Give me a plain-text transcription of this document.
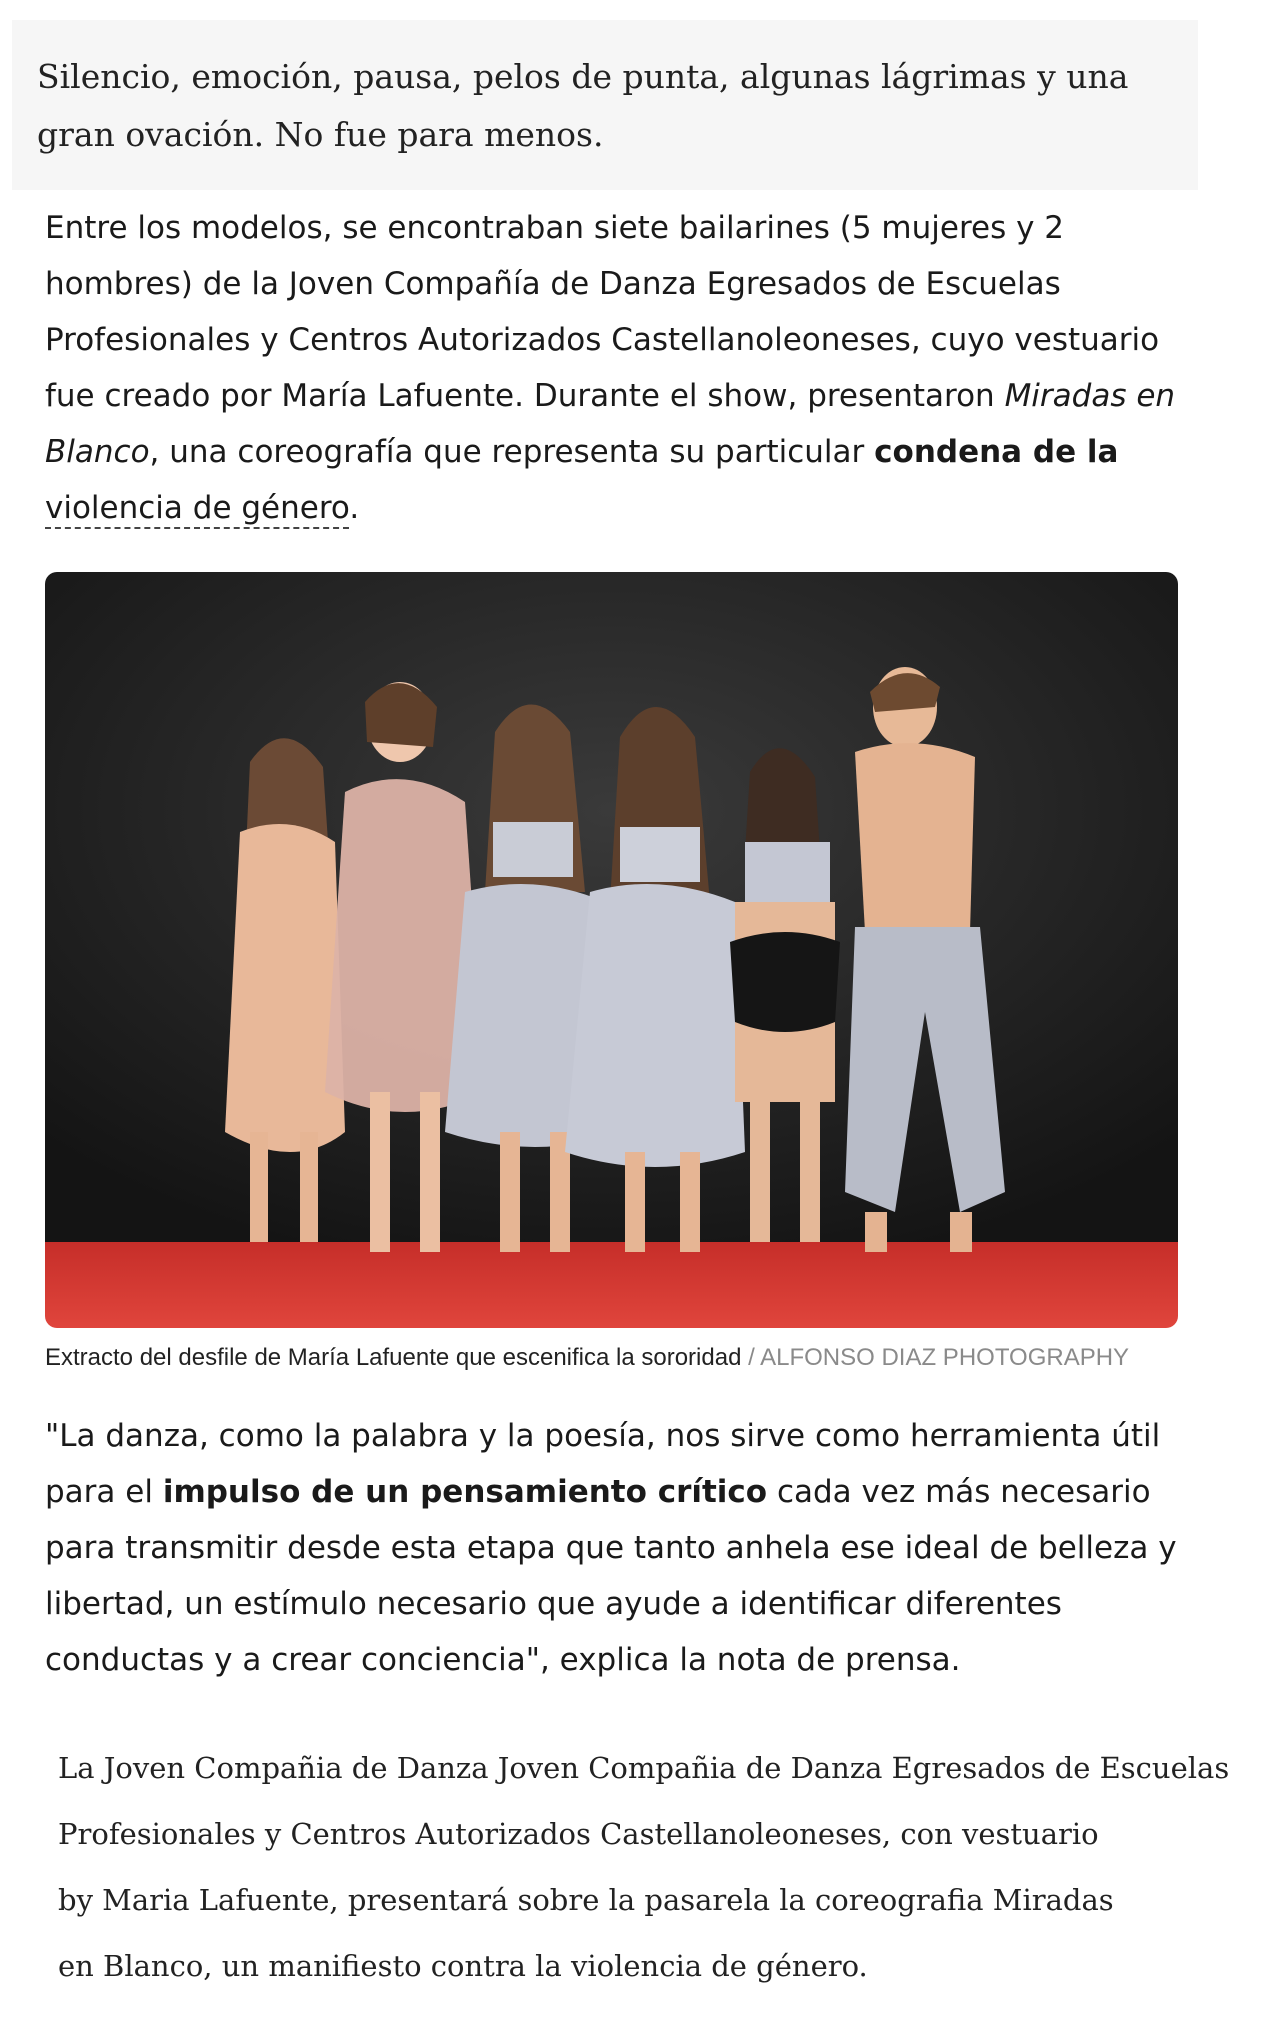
Silencio, emoción, pausa, pelos de punta, algunas lágrimas y una gran ovación. No fue para menos.

Entre los modelos, se encontraban siete bailarines (5 mujeres y 2 hombres) de la Joven Compañía de Danza Egresados de Escuelas Profesionales y Centros Autorizados Castellanoleoneses, cuyo vestuario fue creado por María Lafuente. Durante el show, presentaron Miradas en Blanco, una coreografía que representa su particular condena de la violencia de género.

Extracto del desfile de María Lafuente que escenifica la sororidad / ALFONSO DIAZ PHOTOGRAPHY

"La danza, como la palabra y la poesía, nos sirve como herramienta útil para el impulso de un pensamiento crítico cada vez más necesario para transmitir desde esta etapa que tanto anhela ese ideal de belleza y libertad, un estímulo necesario que ayude a identificar diferentes conductas y a crear conciencia", explica la nota de prensa.

La Joven Compañia de Danza Joven Compañia de Danza Egresados de Escuelas
Profesionales y Centros Autorizados Castellanoleoneses, con vestuario
by Maria Lafuente, presentará sobre la pasarela la coreografia Miradas
en Blanco, un manifiesto contra la violencia de género.
